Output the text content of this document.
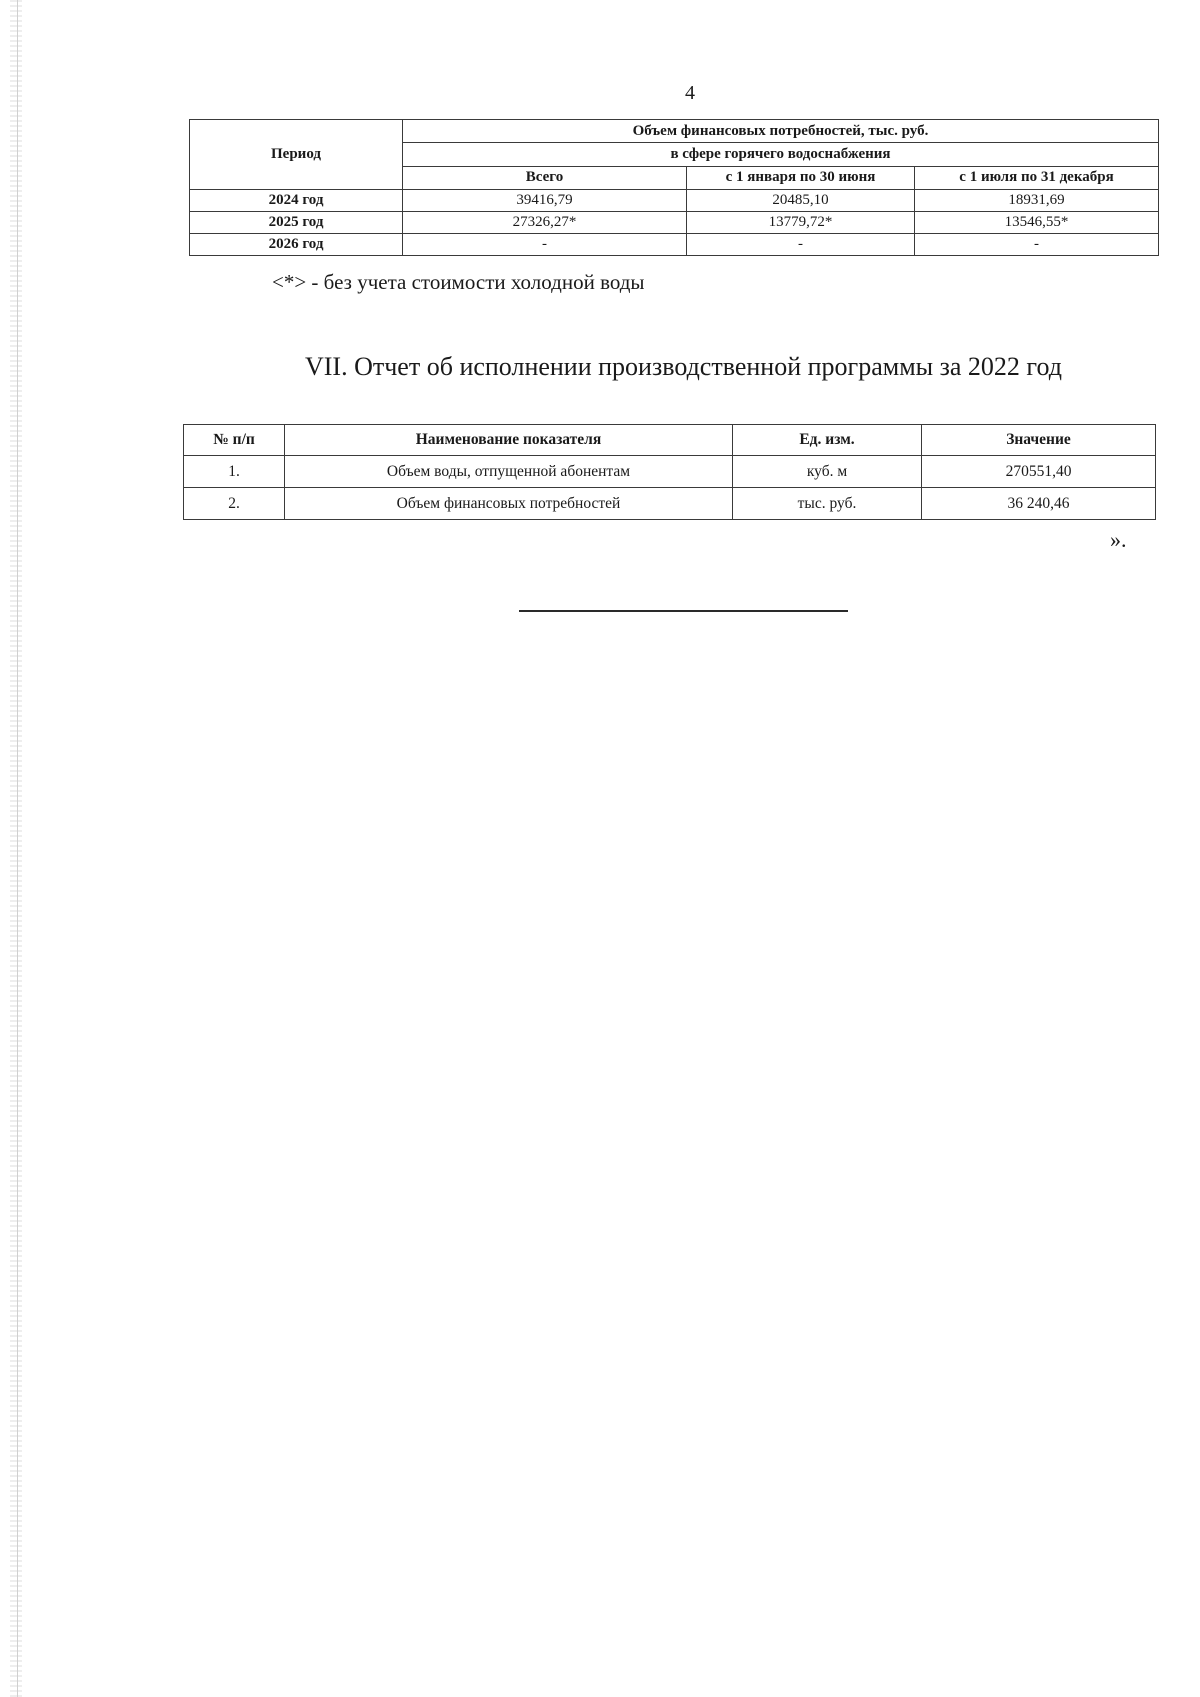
4
Период	Объем финансовых потребностей, тыс. руб.		
	в сфере горячего водоснабжения		
	Всего	с 1 января по 30 июня	с 1 июля по 31 декабря
2024 год	39416,79	20485,10	18931,69
2025 год	27326,27*	13779,72*	13546,55*
2026 год	-	-	-
<*> - без учета стоимости холодной воды
VII. Отчет об исполнении производственной программы за 2022 год
№ п/п	Наименование показателя	Ед. изм.	Значение
1.	Объем воды, отпущенной абонентам	куб. м	270551,40
2.	Объем финансовых потребностей	тыс. руб.	36 240,46
».
